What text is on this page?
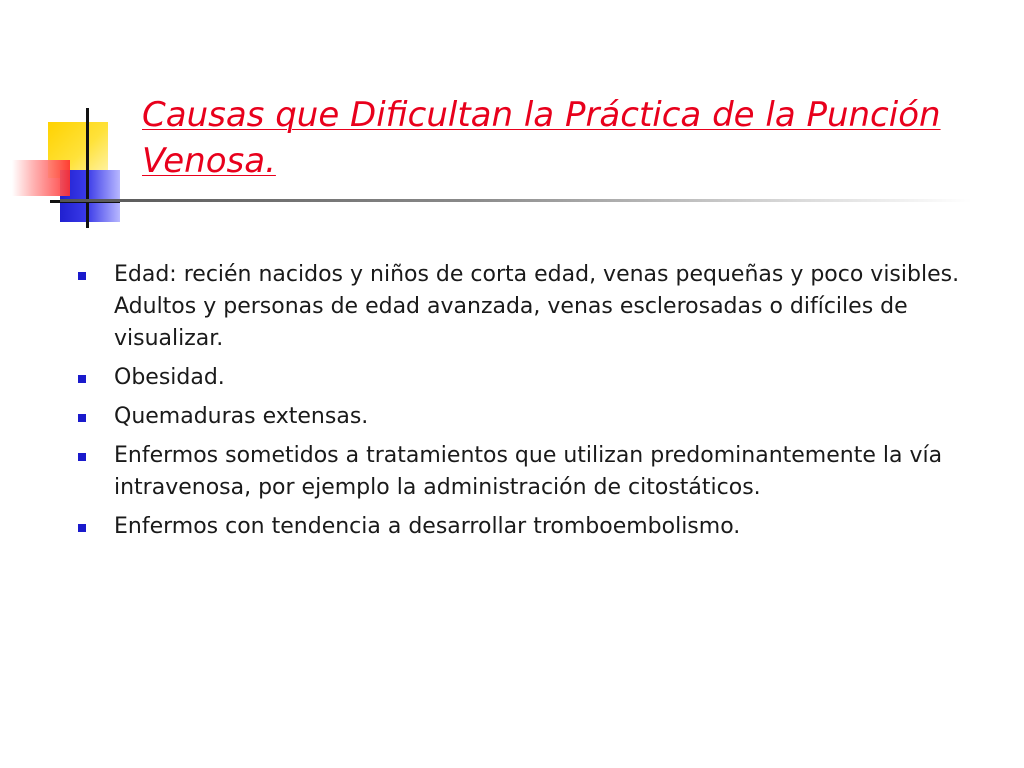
Causas que Dificultan la Práctica de la Punción Venosa.
Edad: recién nacidos y niños de corta edad, venas pequeñas y poco visibles. Adultos y personas de edad avanzada, venas esclerosadas o difíciles de visualizar.
Obesidad.
Quemaduras extensas.
Enfermos sometidos a tratamientos que utilizan predominantemente la vía intravenosa, por ejemplo la administración de citostáticos.
Enfermos con tendencia a desarrollar tromboembolismo.
